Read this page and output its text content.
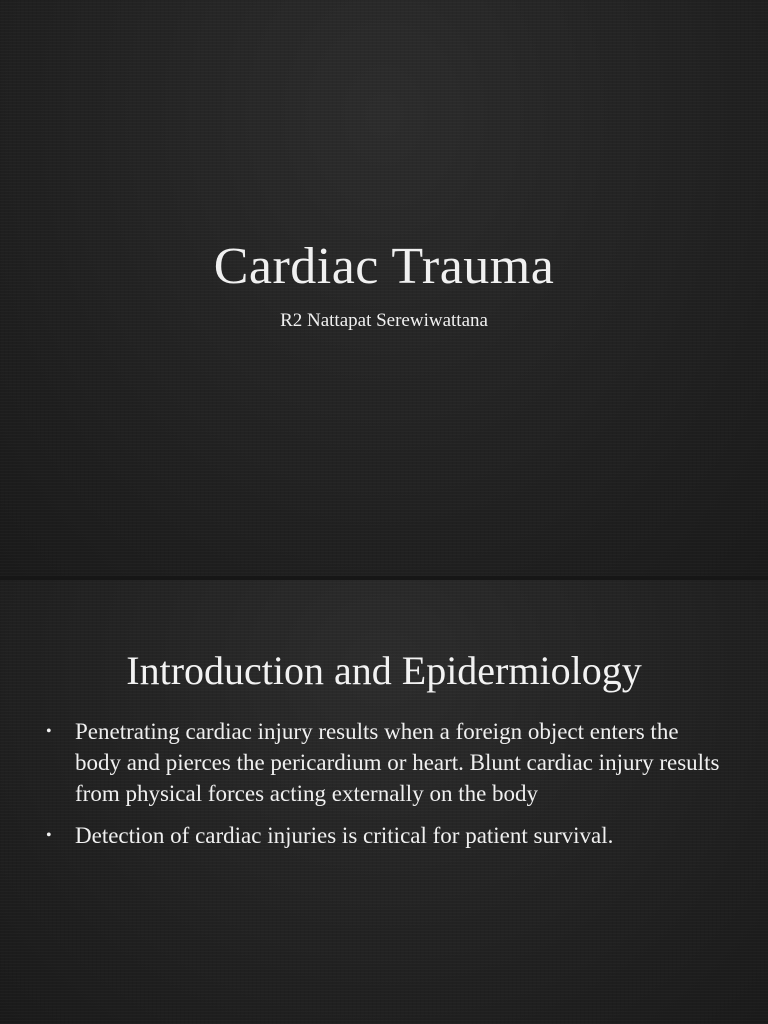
Cardiac Trauma
R2 Nattapat Serewiwattana
Introduction and Epidermiology
• Penetrating cardiac injury results when a foreign object enters the body and pierces the pericardium or heart. Blunt cardiac injury results from physical forces acting externally on the body
• Detection of cardiac injuries is critical for patient survival.
